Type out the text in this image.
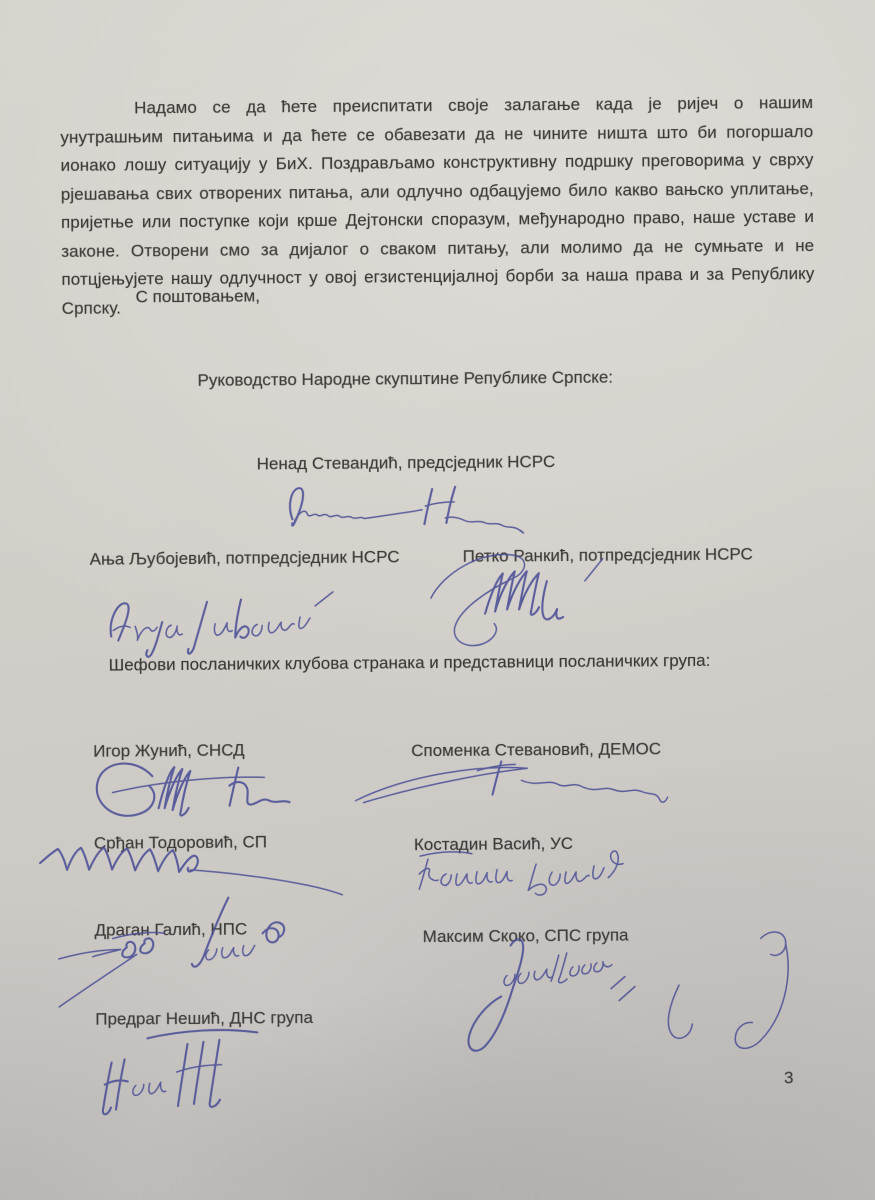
Надамо се да ћете преиспитати своје залагање када је ријеч о нашим унутрашњим питањима и да ћете се обавезати да не чините ништа што би погоршало ионако лошу ситуацију у БиХ. Поздрављамо конструктивну подршку преговорима у сврху рјешавања свих отворених питања, али одлучно одбацујемо било какво вањско уплитање, пријетње или поступке који крше Дејтонски споразум, међународно право, наше уставе и законе. Отворени смо за дијалог о сваком питању, али молимо да не сумњате и не потцјењујете нашу одлучност у овој егзистенцијалној борби за наша права и за Републику Српску.
С поштовањем,
Руководство Народне скупштине Републике Српске:
Ненад Стевандић, предсједник НСРС
Ања Љубојевић, потпредсједник НСРС	Петко Ранкић, потпредсједник НСРС
Шефови посланичких клубова странака и представници посланичких група:
Игор Жунић, СНСД	Споменка Стевановић, ДЕМОС
Срђан Тодоровић, СП	Костадин Васић, УС
Драган Галић, НПС	Максим Скоко, СПС група
Предраг Нешић, ДНС група
3
